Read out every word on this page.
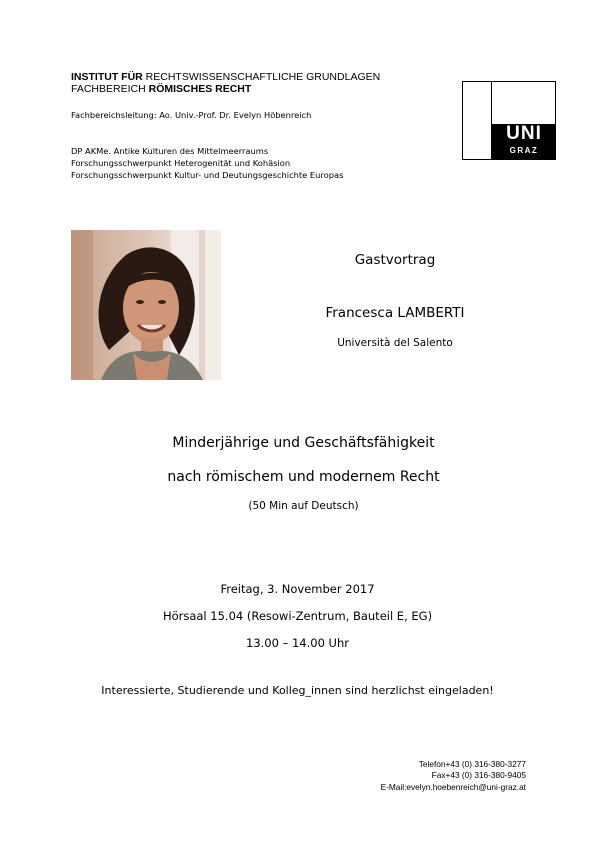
INSTITUT FÜR RECHTSWISSENSCHAFTLICHE GRUNDLAGEN
FACHBEREICH RÖMISCHES RECHT
Fachbereichsleitung: Ao. Univ.-Prof. Dr. Evelyn Höbenreich
DP AKMe. Antike Kulturen des Mittelmeerraums
Forschungsschwerpunkt Heterogenität und Kohäsion
Forschungsschwerpunkt Kultur- und Deutungsgeschichte Europas
UNI
GRAZ
Gastvortrag
Francesca LAMBERTI
Università del Salento
Minderjährige und Geschäftsfähigkeit
nach römischem und modernem Recht
(50 Min auf Deutsch)
Freitag, 3. November 2017
Hörsaal 15.04 (Resowi-Zentrum, Bauteil E, EG)
13.00 – 14.00 Uhr
Interessierte, Studierende und Kolleg_innen sind herzlichst eingeladen!
Telefon+43 (0) 316-380-3277
Fax+43 (0) 316-380-9405
E-Mail:evelyn.hoebenreich@uni-graz.at
